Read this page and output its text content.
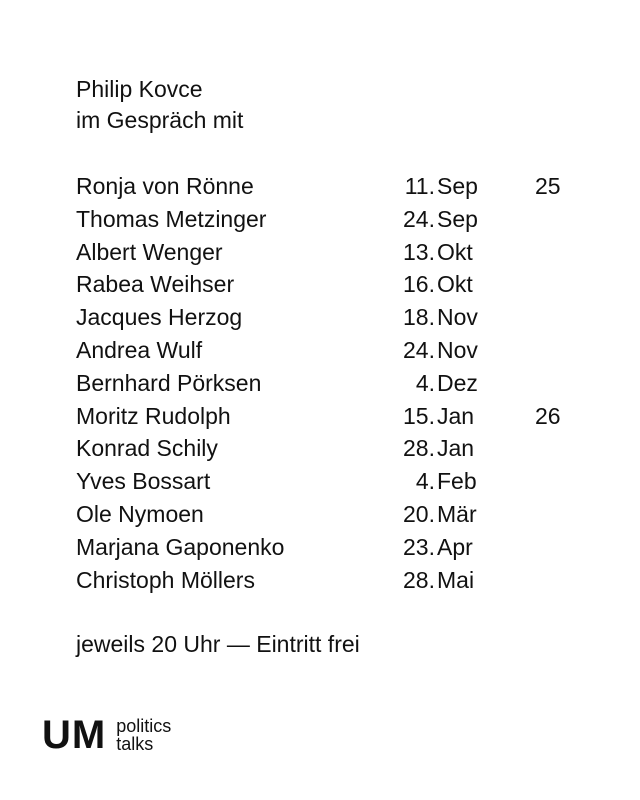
Philip Kovce
im Gespräch mit
Ronja von Rönne	11. Sep 25
Thomas Metzinger	24. Sep
Albert Wenger	13. Okt
Rabea Weihser	16. Okt
Jacques Herzog	18. Nov
Andrea Wulf	24. Nov
Bernhard Pörksen	4. Dez
Moritz Rudolph	15. Jan	26
Konrad Schily	28. Jan
Yves Bossart	4. Feb
Ole Nymoen	20. Mär
Marjana Gaponenko	23. Apr
Christoph Möllers	28. Mai
jeweils 20 Uhr — Eintritt frei
UM politics
talks
